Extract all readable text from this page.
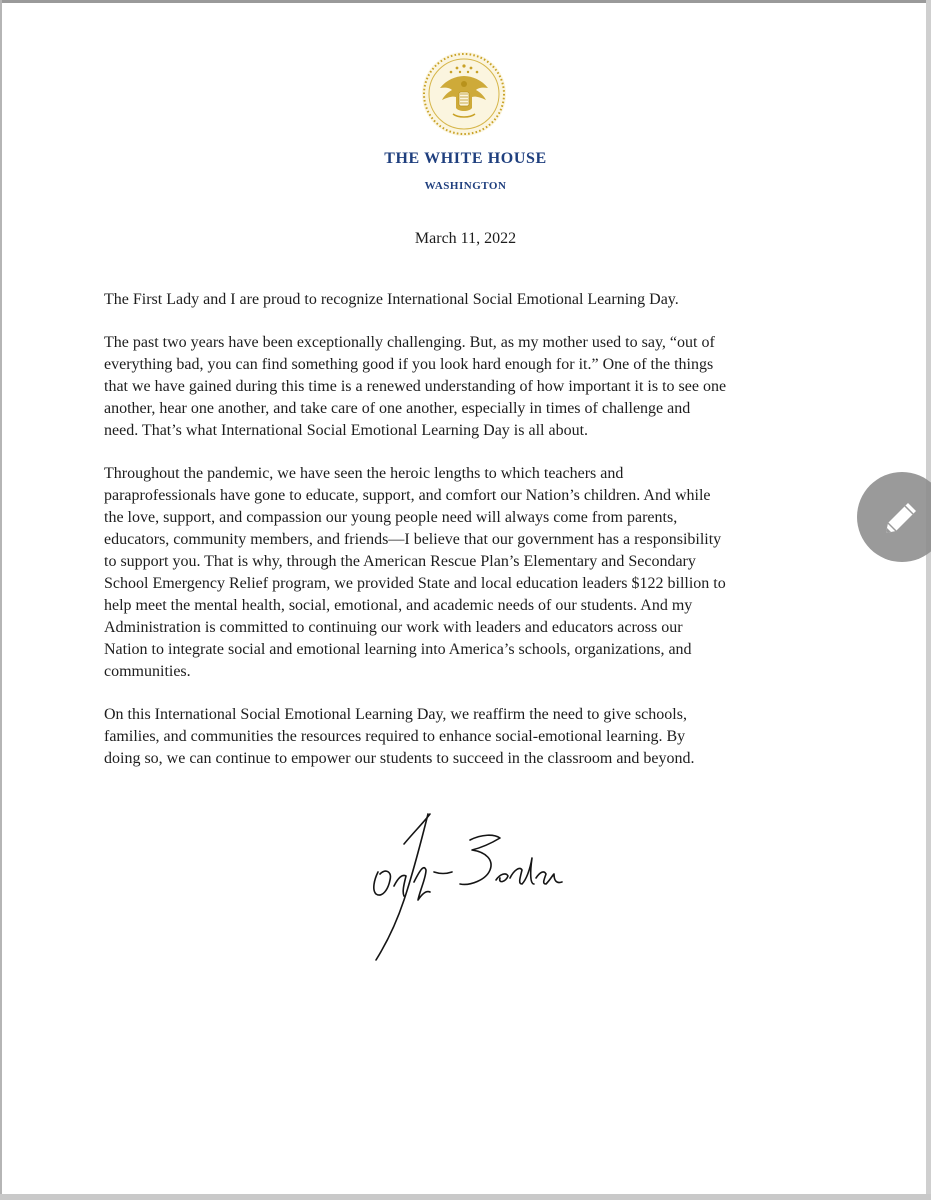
THE WHITE HOUSE
WASHINGTON
March 11, 2022

The First Lady and I are proud to recognize International Social Emotional Learning Day.

The past two years have been exceptionally challenging. But, as my mother used to say, “out of
everything bad, you can find something good if you look hard enough for it.” One of the things
that we have gained during this time is a renewed understanding of how important it is to see one
another, hear one another, and take care of one another, especially in times of challenge and
need. That’s what International Social Emotional Learning Day is all about.

Throughout the pandemic, we have seen the heroic lengths to which teachers and
paraprofessionals have gone to educate, support, and comfort our Nation’s children. And while
the love, support, and compassion our young people need will always come from parents,
educators, community members, and friends—I believe that our government has a responsibility
to support you. That is why, through the American Rescue Plan’s Elementary and Secondary
School Emergency Relief program, we provided State and local education leaders $122 billion to
help meet the mental health, social, emotional, and academic needs of our students. And my
Administration is committed to continuing our work with leaders and educators across our
Nation to integrate social and emotional learning into America’s schools, organizations, and
communities.

On this International Social Emotional Learning Day, we reaffirm the need to give schools,
families, and communities the resources required to enhance social-emotional learning. By
doing so, we can continue to empower our students to succeed in the classroom and beyond.
